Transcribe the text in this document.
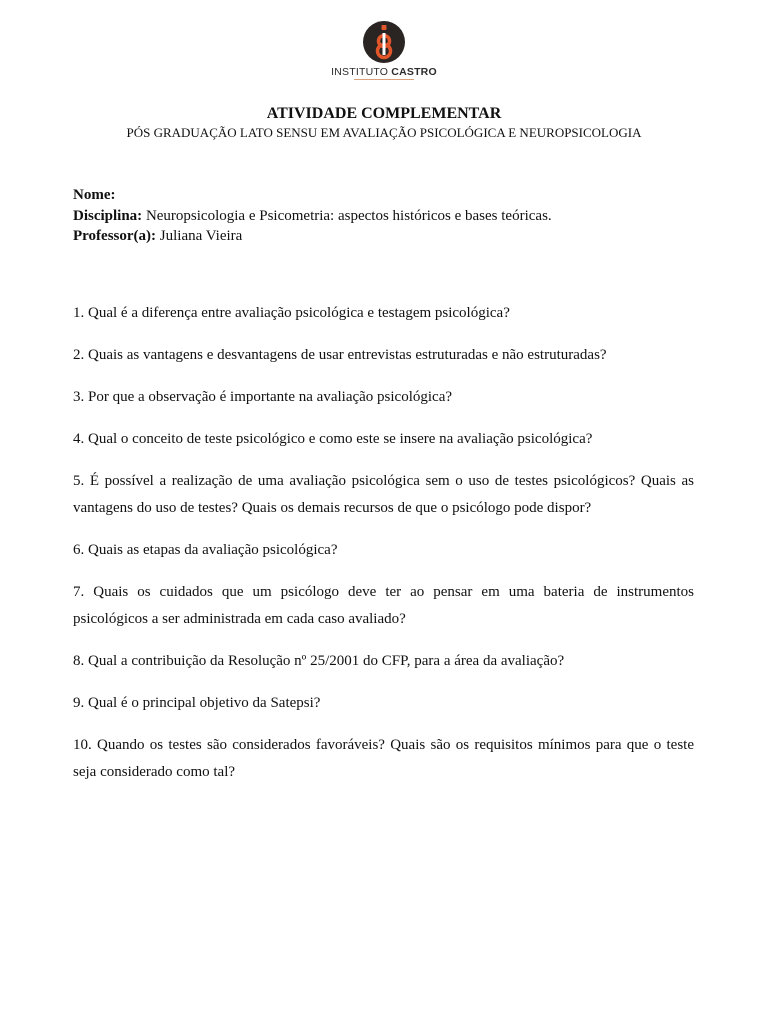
INSTITUTO CASTRO
ATIVIDADE COMPLEMENTAR
PÓS GRADUAÇÃO LATO SENSU EM AVALIAÇÃO PSICOLÓGICA E NEUROPSICOLOGIA
Nome:
Disciplina: Neuropsicologia e Psicometria: aspectos históricos e bases teóricas.
Professor(a): Juliana Vieira

1. Qual é a diferença entre avaliação psicológica e testagem psicológica?

2. Quais as vantagens e desvantagens de usar entrevistas estruturadas e não estruturadas?

3. Por que a observação é importante na avaliação psicológica?

4. Qual o conceito de teste psicológico e como este se insere na avaliação psicológica?

5. É possível a realização de uma avaliação psicológica sem o uso de testes psicológicos? Quais as vantagens do uso de testes? Quais os demais recursos de que o psicólogo pode dispor?

6. Quais as etapas da avaliação psicológica?

7. Quais os cuidados que um psicólogo deve ter ao pensar em uma bateria de instrumentos psicológicos a ser administrada em cada caso avaliado?

8. Qual a contribuição da Resolução nº 25/2001 do CFP, para a área da avaliação?

9. Qual é o principal objetivo da Satepsi?

10. Quando os testes são considerados favoráveis? Quais são os requisitos mínimos para que o teste seja considerado como tal?
